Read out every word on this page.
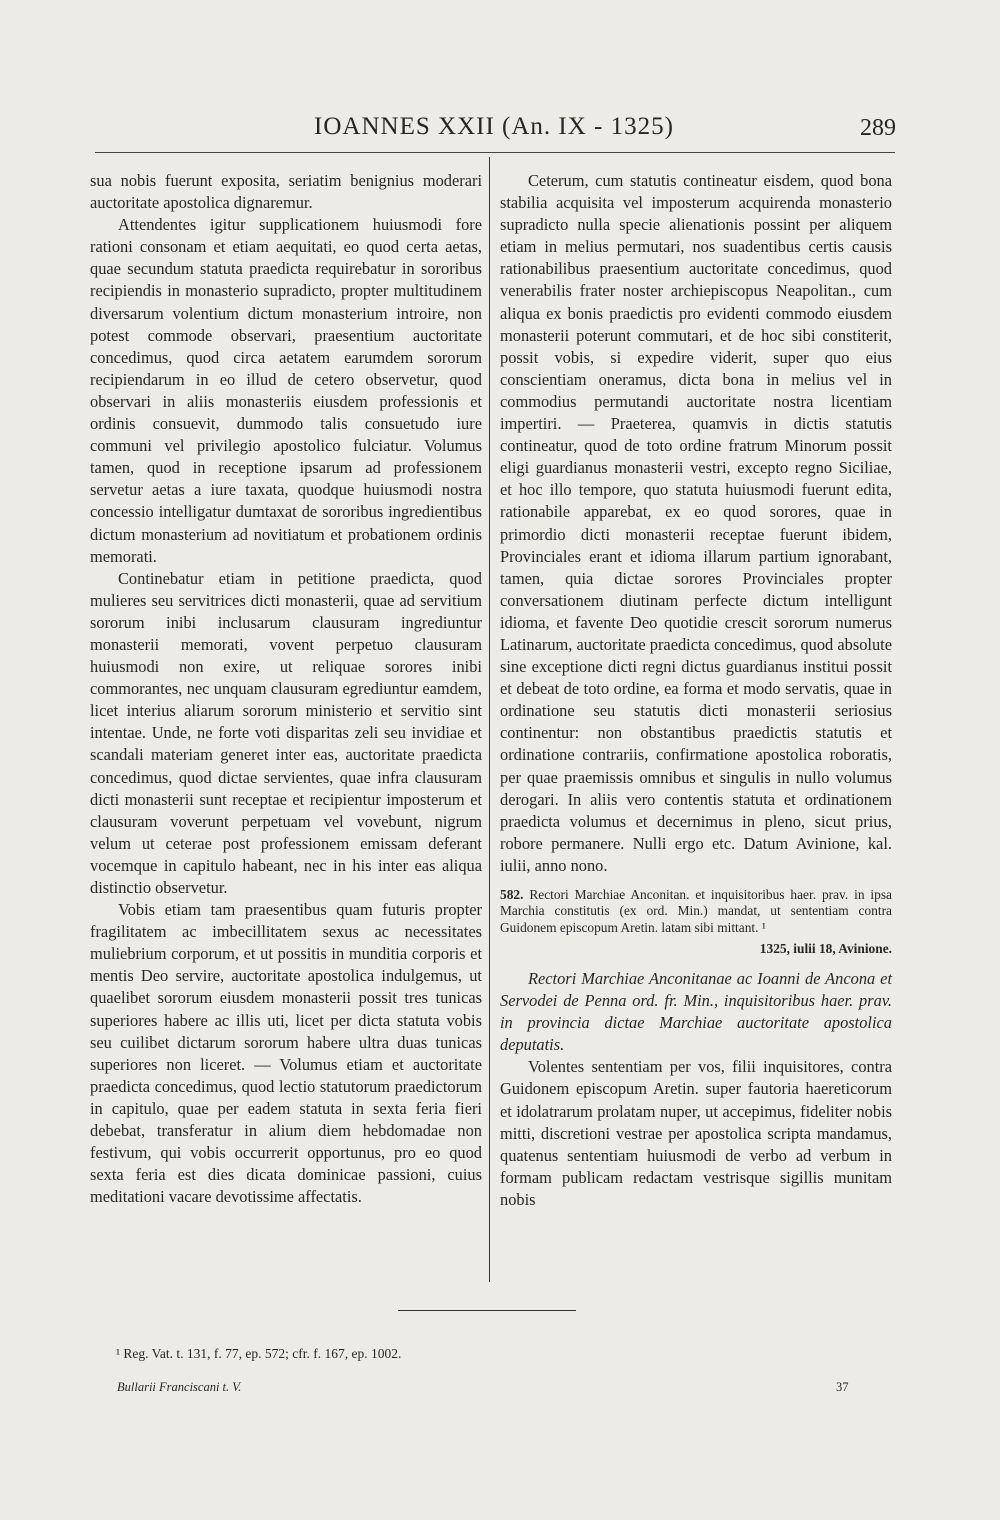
IOANNES XXII (An. IX - 1325)	289

sua nobis fuerunt exposita, seriatim benignius moderari auctoritate apostolica dignaremur.

Attendentes igitur supplicationem huiusmodi fore rationi consonam et etiam aequitati, eo quod certa aetas, quae secundum statuta praedicta requirebatur in sororibus recipiendis in monasterio supradicto, propter multitudinem diversarum volentium dictum monasterium introire, non potest commode observari, praesentium auctoritate concedimus, quod circa aetatem earumdem sororum recipiendarum in eo illud de cetero observetur, quod observari in aliis monasteriis eiusdem professionis et ordinis consuevit, dummodo talis consuetudo iure communi vel privilegio apostolico fulciatur. Volumus tamen, quod in receptione ipsarum ad professionem servetur aetas a iure taxata, quodque huiusmodi nostra concessio intelligatur dumtaxat de sororibus ingredientibus dictum monasterium ad novitiatum et probationem ordinis memorati.

Continebatur etiam in petitione praedicta, quod mulieres seu servitrices dicti monasterii, quae ad servitium sororum inibi inclusarum clausuram ingrediuntur monasterii memorati, vovent perpetuo clausuram huiusmodi non exire, ut reliquae sorores inibi commorantes, nec unquam clausuram egrediuntur eamdem, licet interius aliarum sororum ministerio et servitio sint intentae. Unde, ne forte voti disparitas zeli seu invidiae et scandali materiam generet inter eas, auctoritate praedicta concedimus, quod dictae servientes, quae infra clausuram dicti monasterii sunt receptae et recipientur imposterum et clausuram voverunt perpetuam vel vovebunt, nigrum velum ut ceterae post professionem emissam deferant vocemque in capitulo habeant, nec in his inter eas aliqua distinctio observetur.

Vobis etiam tam praesentibus quam futuris propter fragilitatem ac imbecillitatem sexus ac necessitates muliebrium corporum, et ut possitis in munditia corporis et mentis Deo servire, auctoritate apostolica indulgemus, ut quaelibet sororum eiusdem monasterii possit tres tunicas superiores habere ac illis uti, licet per dicta statuta vobis seu cuilibet dictarum sororum habere ultra duas tunicas superiores non liceret. — Volumus etiam et auctoritate praedicta concedimus, quod lectio statutorum praedictorum in capitulo, quae per eadem statuta in sexta feria fieri debebat, transferatur in alium diem hebdomadae non festivum, qui vobis occurrerit opportunus, pro eo quod sexta feria est dies dicata dominicae passioni, cuius meditationi vacare devotissime affectatis.

Ceterum, cum statutis contineatur eisdem, quod bona stabilia acquisita vel imposterum acquirenda monasterio supradicto nulla specie alienationis possint per aliquem etiam in melius permutari, nos suadentibus certis causis rationabilibus praesentium auctoritate concedimus, quod venerabilis frater noster archiepiscopus Neapolitan., cum aliqua ex bonis praedictis pro evidenti commodo eiusdem monasterii poterunt commutari, et de hoc sibi constiterit, possit vobis, si expedire viderit, super quo eius conscientiam oneramus, dicta bona in melius vel in commodius permutandi auctoritate nostra licentiam impertiri. — Praeterea, quamvis in dictis statutis contineatur, quod de toto ordine fratrum Minorum possit eligi guardianus monasterii vestri, excepto regno Siciliae, et hoc illo tempore, quo statuta huiusmodi fuerunt edita, rationabile apparebat, ex eo quod sorores, quae in primordio dicti monasterii receptae fuerunt ibidem, Provinciales erant et idioma illarum partium ignorabant, tamen, quia dictae sorores Provinciales propter conversationem diutinam perfecte dictum intelligunt idioma, et favente Deo quotidie crescit sororum numerus Latinarum, auctoritate praedicta concedimus, quod absolute sine exceptione dicti regni dictus guardianus institui possit et debeat de toto ordine, ea forma et modo servatis, quae in ordinatione seu statutis dicti monasterii seriosius continentur: non obstantibus praedictis statutis et ordinatione contrariis, confirmatione apostolica roboratis, per quae praemissis omnibus et singulis in nullo volumus derogari. In aliis vero contentis statuta et ordinationem praedicta volumus et decernimus in pleno, sicut prius, robore permanere. Nulli ergo etc. Datum Avinione, kal. iulii, anno nono.

582. Rectori Marchiae Anconitan. et inquisitoribus haer. prav. in ipsa Marchia constitutis (ex ord. Min.) mandat, ut sententiam contra Guidonem episcopum Aretin. latam sibi mittant. ¹
1325, iulii 18, Avinione.

Rectori Marchiae Anconitanae ac Ioanni de Ancona et Servodei de Penna ord. fr. Min., inquisitoribus haer. prav. in provincia dictae Marchiae auctoritate apostolica deputatis.

Volentes sententiam per vos, filii inquisitores, contra Guidonem episcopum Aretin. super fautoria haereticorum et idolatrarum prolatam nuper, ut accepimus, fideliter nobis mitti, discretioni vestrae per apostolica scripta mandamus, quatenus sententiam huiusmodi de verbo ad verbum in formam publicam redactam vestrisque sigillis munitam nobis

¹ Reg. Vat. t. 131, f. 77, ep. 572; cfr. f. 167, ep. 1002.
Bullarii Franciscani t. V.	37
